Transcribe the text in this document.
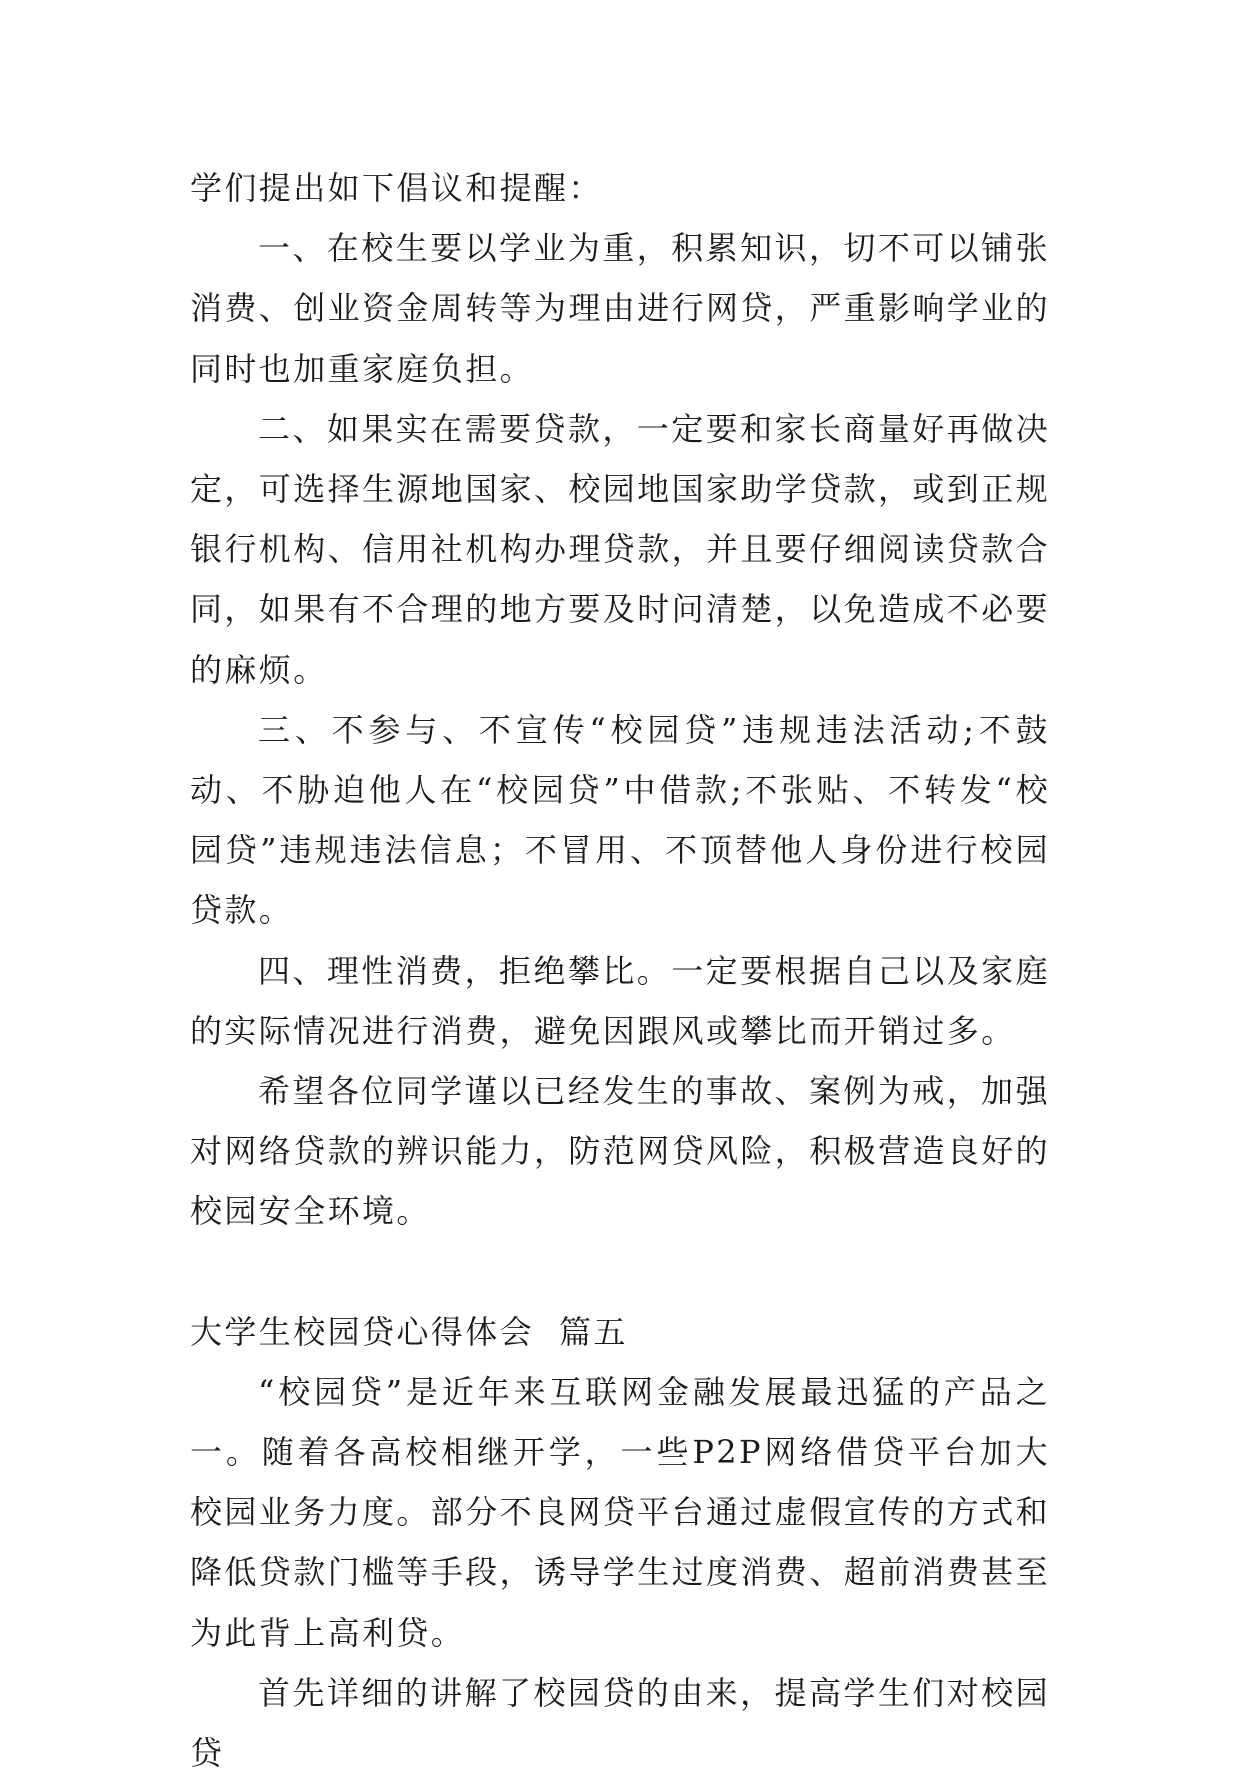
学们提出如下倡议和提醒：

一、在校生要以学业为重，积累知识，切不可以铺张消费、创业资金周转等为理由进行网贷，严重影响学业的同时也加重家庭负担。

二、如果实在需要贷款，一定要和家长商量好再做决定，可选择生源地国家、校园地国家助学贷款，或到正规银行机构、信用社机构办理贷款，并且要仔细阅读贷款合同，如果有不合理的地方要及时问清楚，以免造成不必要的麻烦。

三、不参与、不宣传“校园贷”违规违法活动;不鼓动、不胁迫他人在“校园贷”中借款;不张贴、不转发“校园贷”违规违法信息；不冒用、不顶替他人身份进行校园贷款。

四、理性消费，拒绝攀比。一定要根据自己以及家庭的实际情况进行消费，避免因跟风或攀比而开销过多。

希望各位同学谨以已经发生的事故、案例为戒，加强对网络贷款的辨识能力，防范网贷风险，积极营造良好的校园安全环境。

大学生校园贷心得体会  篇五

“校园贷”是近年来互联网金融发展最迅猛的产品之一。随着各高校相继开学，一些P2P网络借贷平台加大校园业务力度。部分不良网贷平台通过虚假宣传的方式和降低贷款门槛等手段，诱导学生过度消费、超前消费甚至为此背上高利贷。

首先详细的讲解了校园贷的由来，提高学生们对校园贷
